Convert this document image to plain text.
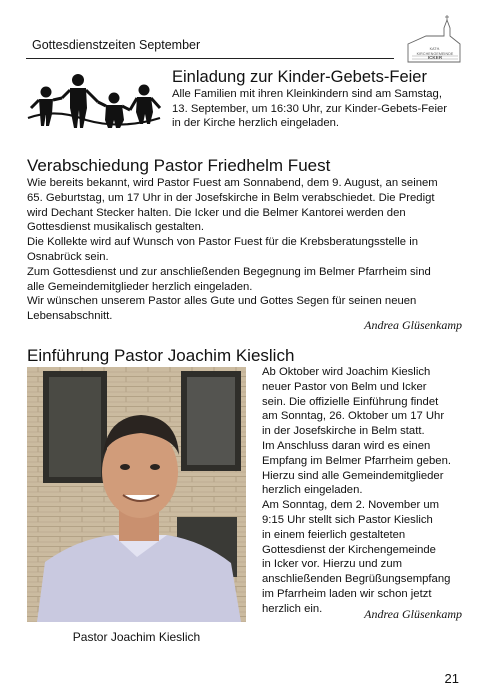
Gottesdienstzeiten September	KATH.
KIRCHENGEMEINDE
ICKER
Einladung zur Kinder-Gebets-Feier
Alle Familien mit ihren Kleinkindern sind am Samstag,
13. September, um 16:30 Uhr, zur Kinder-Gebets-Feier
in der Kirche herzlich eingeladen.
Verabschiedung Pastor Friedhelm Fuest
Wie bereits bekannt, wird Pastor Fuest am Sonnabend, dem 9. August, an seinem
65. Geburtstag, um 17 Uhr in der Josefskirche in Belm verabschiedet. Die Predigt
wird Dechant Stecker halten. Die Icker und die Belmer Kantorei werden den
Gottesdienst musikalisch gestalten.
Die Kollekte wird auf Wunsch von Pastor Fuest für die Krebsberatungsstelle in
Osnabrück sein.
Zum Gottesdienst und zur anschließenden Begegnung im Belmer Pfarrheim sind
alle Gemeindemitglieder herzlich eingeladen.
Wir wünschen unserem Pastor alles Gute und Gottes Segen für seinen neuen
Lebensabschnitt.
Andrea Glüsenkamp
Einführung Pastor Joachim Kieslich
Ab Oktober wird Joachim Kieslich
neuer Pastor von Belm und Icker
sein. Die offizielle Einführung findet
am Sonntag, 26. Oktober um 17 Uhr
in der Josefskirche in Belm statt.
Im Anschluss daran wird es einen
Empfang im Belmer Pfarrheim geben.
Hierzu sind alle Gemeindemitglieder
herzlich eingeladen.
Am Sonntag, dem 2. November um
9:15 Uhr stellt sich Pastor Kieslich
in einem feierlich gestalteten
Gottesdienst der Kirchengemeinde
in Icker vor. Hierzu und zum
anschließenden Begrüßungsempfang
im Pfarrheim laden wir schon jetzt
herzlich ein.	Andrea Glüsenkamp
Pastor Joachim Kieslich
21
